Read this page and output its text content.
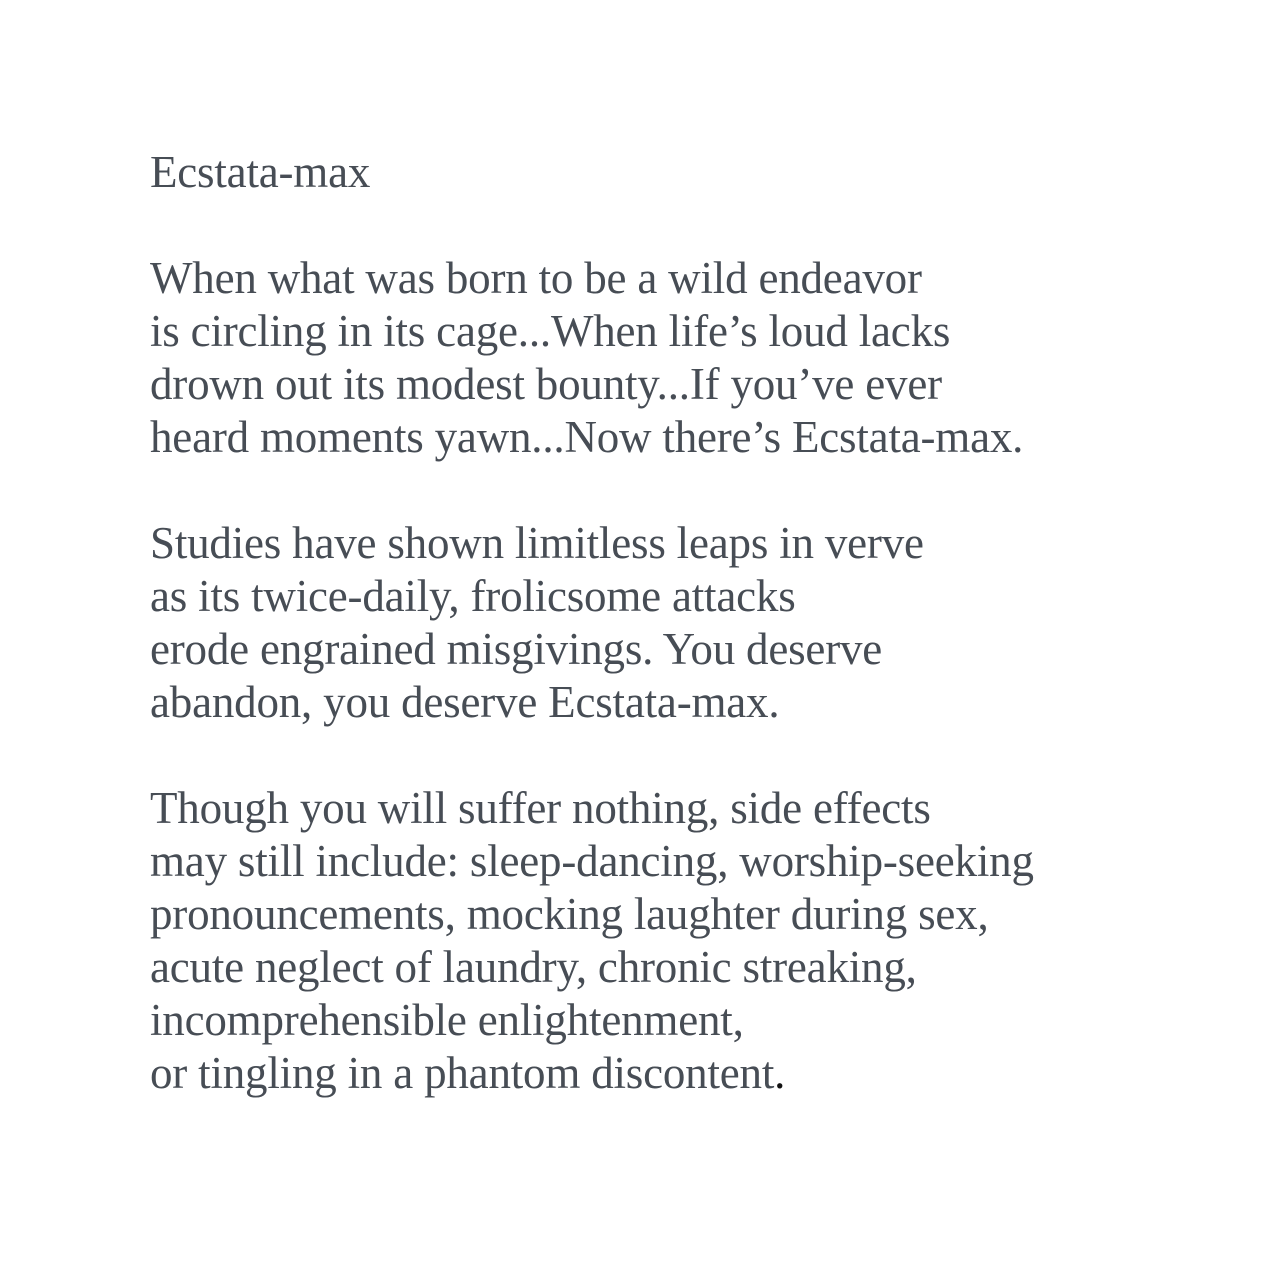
Ecstata-max
When what was born to be a wild endeavor
is circling in its cage...When life’s loud lacks
drown out its modest bounty...If you’ve ever
heard moments yawn...Now there’s Ecstata-max.
Studies have shown limitless leaps in verve
as its twice-daily, frolicsome attacks
erode engrained misgivings. You deserve
abandon, you deserve Ecstata-max.
Though you will suffer nothing, side effects
may still include: sleep-dancing, worship-seeking
pronouncements, mocking laughter during sex,
acute neglect of laundry, chronic streaking,
incomprehensible enlightenment,
or tingling in a phantom discontent.
